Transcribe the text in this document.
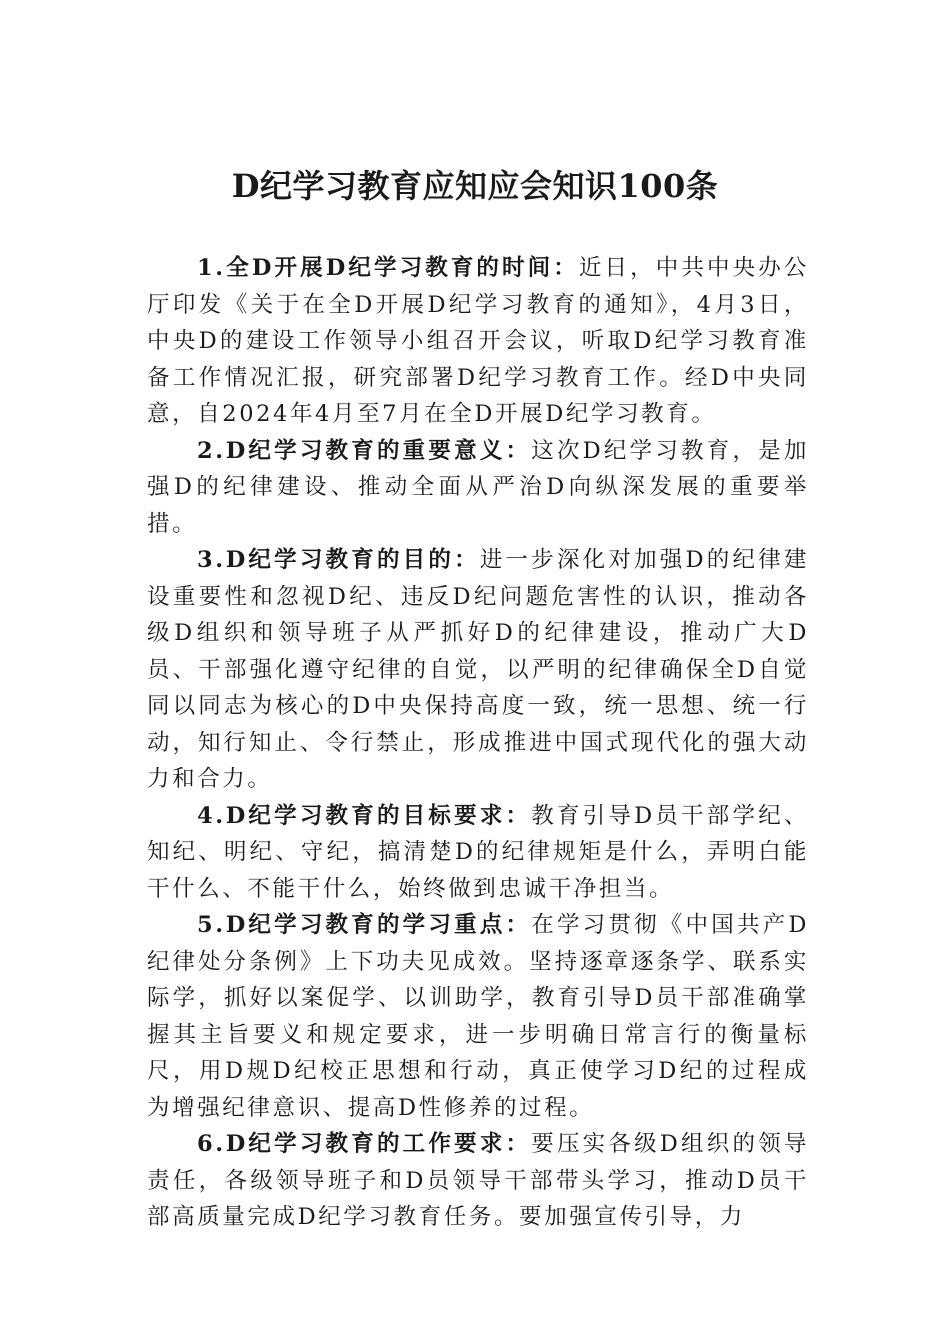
D纪学习教育应知应会知识100条

1.全D开展D纪学习教育的时间：近日，中共中央办公厅印发《关于在全D开展D纪学习教育的通知》，4月3日，中央D的建设工作领导小组召开会议，听取D纪学习教育准备工作情况汇报，研究部署D纪学习教育工作。经D中央同意，自2024年4月至7月在全D开展D纪学习教育。

2.D纪学习教育的重要意义：这次D纪学习教育，是加强D的纪律建设、推动全面从严治D向纵深发展的重要举措。

3.D纪学习教育的目的：进一步深化对加强D的纪律建设重要性和忽视D纪、违反D纪问题危害性的认识，推动各级D组织和领导班子从严抓好D的纪律建设，推动广大D员、干部强化遵守纪律的自觉，以严明的纪律确保全D自觉同以同志为核心的D中央保持高度一致，统一思想、统一行动，知行知止、令行禁止，形成推进中国式现代化的强大动力和合力。

4.D纪学习教育的目标要求：教育引导D员干部学纪、知纪、明纪、守纪，搞清楚D的纪律规矩是什么，弄明白能干什么、不能干什么，始终做到忠诚干净担当。

5.D纪学习教育的学习重点：在学习贯彻《中国共产D纪律处分条例》上下功夫见成效。坚持逐章逐条学、联系实际学，抓好以案促学、以训助学，教育引导D员干部准确掌握其主旨要义和规定要求，进一步明确日常言行的衡量标尺，用D规D纪校正思想和行动，真正使学习D纪的过程成为增强纪律意识、提高D性修养的过程。

6.D纪学习教育的工作要求：要压实各级D组织的领导责任，各级领导班子和D员领导干部带头学习，推动D员干部高质量完成D纪学习教育任务。要加强宣传引导，力
